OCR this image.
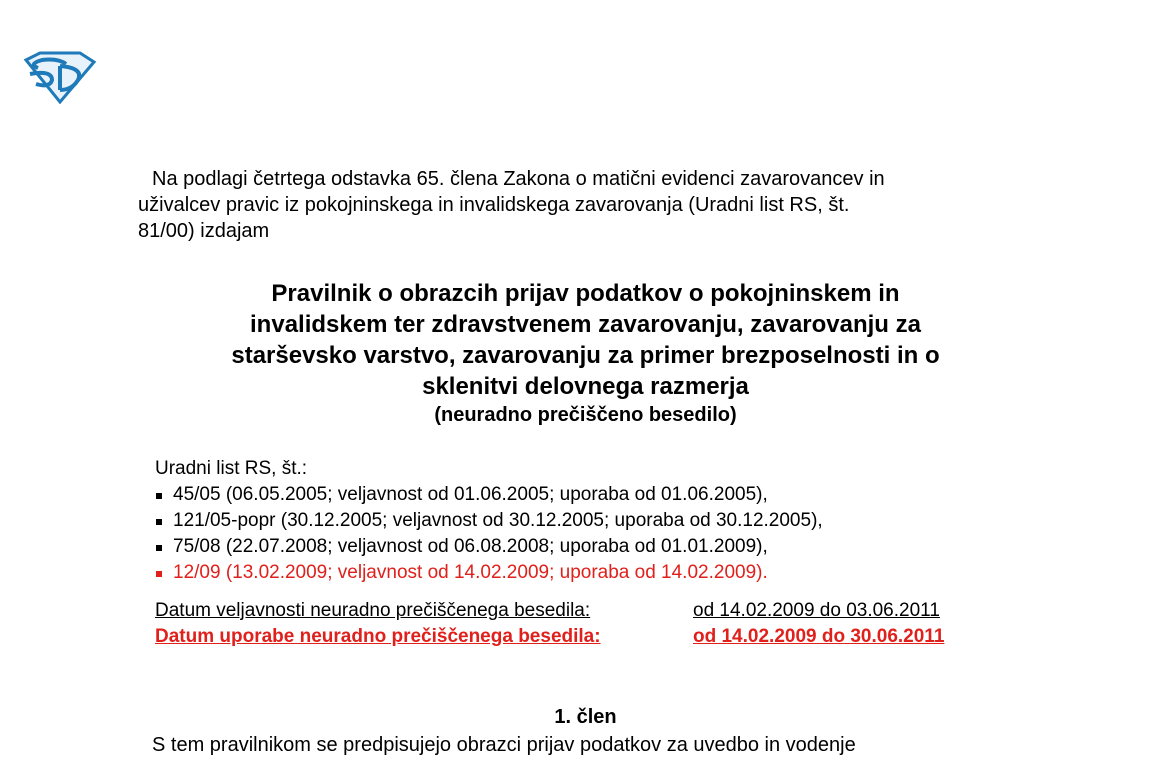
Na podlagi četrtega odstavka 65. člena Zakona o matični evidenci zavarovancev in
uživalcev pravic iz pokojninskega in invalidskega zavarovanja (Uradni list RS, št.
81/00) izdajam
Pravilnik o obrazcih prijav podatkov o pokojninskem in
invalidskem ter zdravstvenem zavarovanju, zavarovanju za
starševsko varstvo, zavarovanju za primer brezposelnosti in o
sklenitvi delovnega razmerja
(neuradno prečiščeno besedilo)
Uradni list RS, št.:
45/05 (06.05.2005; veljavnost od 01.06.2005; uporaba od 01.06.2005),
121/05-popr (30.12.2005; veljavnost od 30.12.2005; uporaba od 30.12.2005),
75/08 (22.07.2008; veljavnost od 06.08.2008; uporaba od 01.01.2009),
12/09 (13.02.2009; veljavnost od 14.02.2009; uporaba od 14.02.2009).
Datum veljavnosti neuradno prečiščenega besedila:	od 14.02.2009 do 03.06.2011
Datum uporabe neuradno prečiščenega besedila:	od 14.02.2009 do 30.06.2011
1. člen
S tem pravilnikom se predpisujejo obrazci prijav podatkov za uvedbo in vodenje
